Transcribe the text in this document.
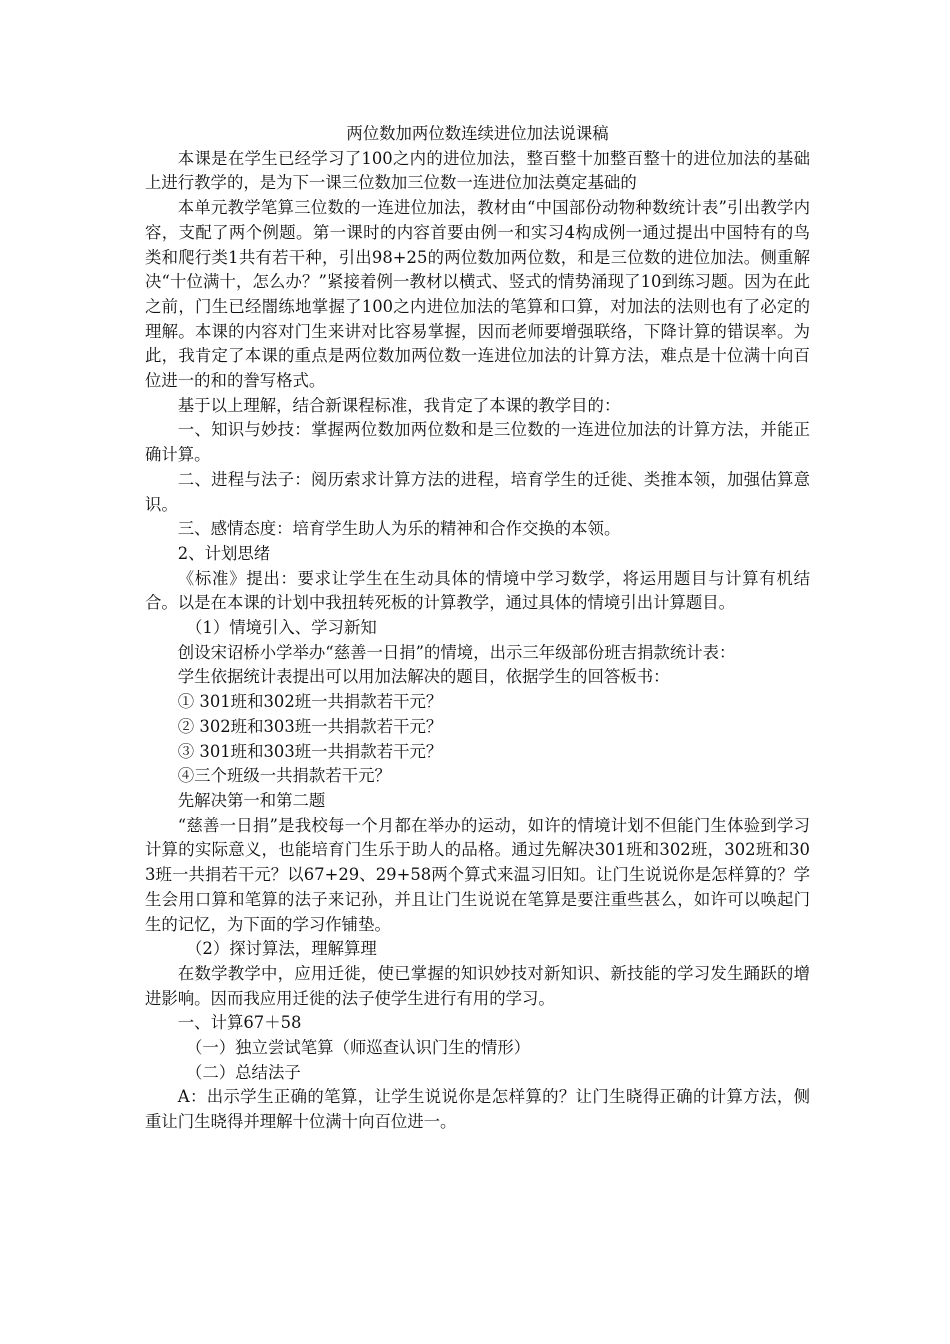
两位数加两位数连续进位加法说课稿

本课是在学生已经学习了100之内的进位加法，整百整十加整百整十的进位加法的基础上进行教学的，是为下一课三位数加三位数一连进位加法奠定基础的

本单元教学笔算三位数的一连进位加法，教材由“中国部份动物种数统计表”引出教学内容，支配了两个例题。第一课时的内容首要由例一和实习4构成例一通过提出中国特有的鸟类和爬行类1共有若干种，引出98+25的两位数加两位数，和是三位数的进位加法。侧重解决“十位满十，怎么办？”紧接着例一教材以横式、竖式的情势涌现了10到练习题。因为在此之前，门生已经闇练地掌握了100之内进位加法的笔算和口算，对加法的法则也有了必定的理解。本课的内容对门生来讲对比容易掌握，因而老师要增强联络，下降计算的错误率。为此，我肯定了本课的重点是两位数加两位数一连进位加法的计算方法，难点是十位满十向百位进一的和的誊写格式。

基于以上理解，结合新课程标准，我肯定了本课的教学目的：

一、知识与妙技：掌握两位数加两位数和是三位数的一连进位加法的计算方法，并能正确计算。

二、进程与法子：阅历索求计算方法的进程，培育学生的迁徙、类推本领，加强估算意识。

三、感情态度：培育学生助人为乐的精神和合作交换的本领。

2、计划思绪

《标准》提出：要求让学生在生动具体的情境中学习数学，将运用题目与计算有机结合。以是在本课的计划中我扭转死板的计算教学，通过具体的情境引出计算题目。

（1）情境引入、学习新知

创设宋诏桥小学举办“慈善一日捐”的情境，出示三年级部份班吉捐款统计表：

学生依据统计表提出可以用加法解决的题目，依据学生的回答板书：

① 301班和302班一共捐款若干元？

② 302班和303班一共捐款若干元？

③ 301班和303班一共捐款若干元？

④三个班级一共捐款若干元？

先解决第一和第二题

“慈善一日捐”是我校每一个月都在举办的运动，如许的情境计划不但能门生体验到学习计算的实际意义，也能培育门生乐于助人的品格。通过先解决301班和302班，302班和303班一共捐若干元？以67+29、29+58两个算式来温习旧知。让门生说说你是怎样算的？学生会用口算和笔算的法子来记孙，并且让门生说说在笔算是要注重些甚么，如许可以唤起门生的记忆，为下面的学习作铺垫。

（2）探讨算法，理解算理

在数学教学中，应用迁徙，使已掌握的知识妙技对新知识、新技能的学习发生踊跃的增进影响。因而我应用迁徙的法子使学生进行有用的学习。

一、计算67＋58

（一）独立尝试笔算（师巡查认识门生的情形）

（二）总结法子

A：出示学生正确的笔算，让学生说说你是怎样算的？让门生晓得正确的计算方法，侧重让门生晓得并理解十位满十向百位进一。
